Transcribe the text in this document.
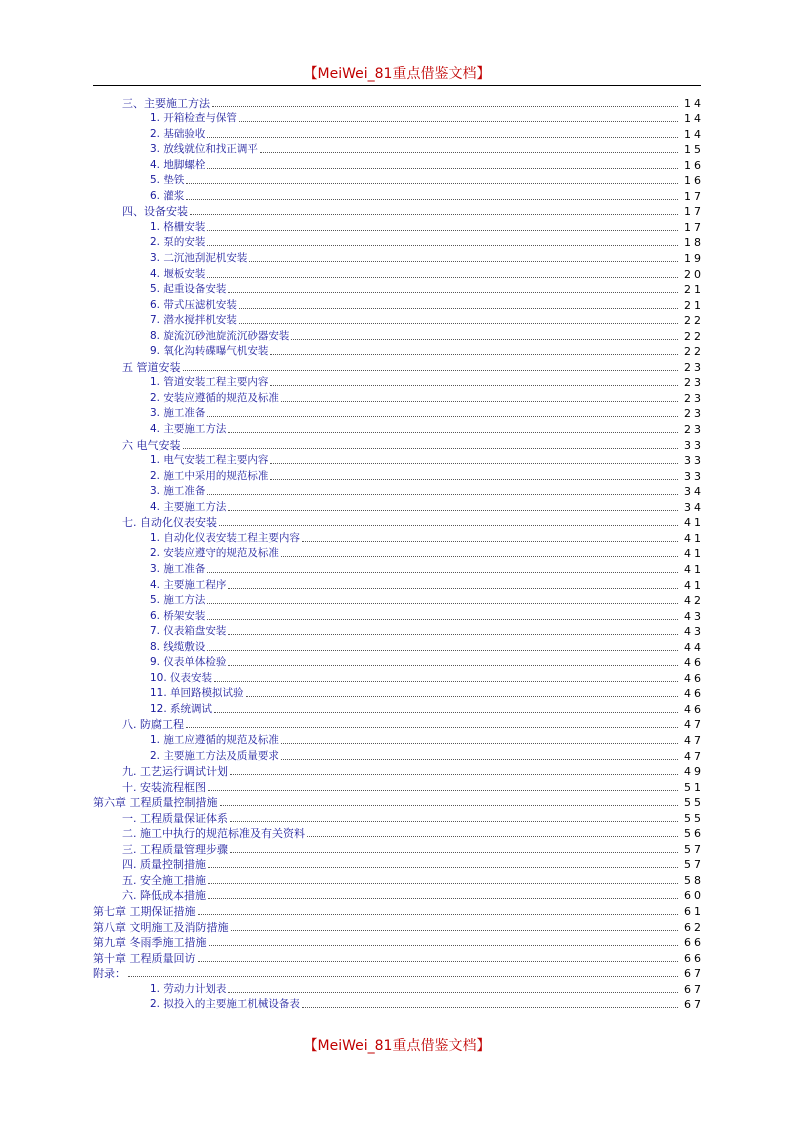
【MeiWei_81重点借鉴文档】
三、主要施工方法	14
1. 开箱检查与保管	14
2. 基础验收	14
3. 放线就位和找正调平	15
4. 地脚螺栓	16
5. 垫铁	16
6. 灌浆	17
四、设备安装	17
1. 格栅安装	17
2. 泵的安装	18
3. 二沉池刮泥机安装	19
4. 堰板安装	20
5. 起重设备安装	21
6. 带式压滤机安装	21
7. 潜水搅拌机安装	22
8. 旋流沉砂池旋流沉砂器安装	22
9. 氧化沟转碟曝气机安装	22
五 管道安装	23
1. 管道安装工程主要内容	23
2. 安装应遵循的规范及标准	23
3. 施工准备	23
4. 主要施工方法	23
六 电气安装	33
1. 电气安装工程主要内容	33
2. 施工中采用的规范标准	33
3. 施工准备	34
4. 主要施工方法	34
七. 自动化仪表安装	41
1. 自动化仪表安装工程主要内容	41
2. 安装应遵守的规范及标准	41
3. 施工准备	41
4. 主要施工程序	41
5. 施工方法	42
6. 桥架安装	43
7. 仪表箱盘安装	43
8. 线缆敷设	44
9. 仪表单体检验	46
10. 仪表安装	46
11. 单回路模拟试验	46
12. 系统调试	46
八. 防腐工程	47
1. 施工应遵循的规范及标准	47
2. 主要施工方法及质量要求	47
九. 工艺运行调试计划	49
十. 安装流程框图	51
第六章 工程质量控制措施	55
一. 工程质量保证体系	55
二. 施工中执行的规范标准及有关资料	56
三. 工程质量管理步骤	57
四. 质量控制措施	57
五. 安全施工措施	58
六. 降低成本措施	60
第七章 工期保证措施	61
第八章 文明施工及消防措施	62
第九章 冬雨季施工措施	66
第十章 工程质量回访	66
附录：	67
1. 劳动力计划表	67
2. 拟投入的主要施工机械设备表	67
【MeiWei_81重点借鉴文档】
